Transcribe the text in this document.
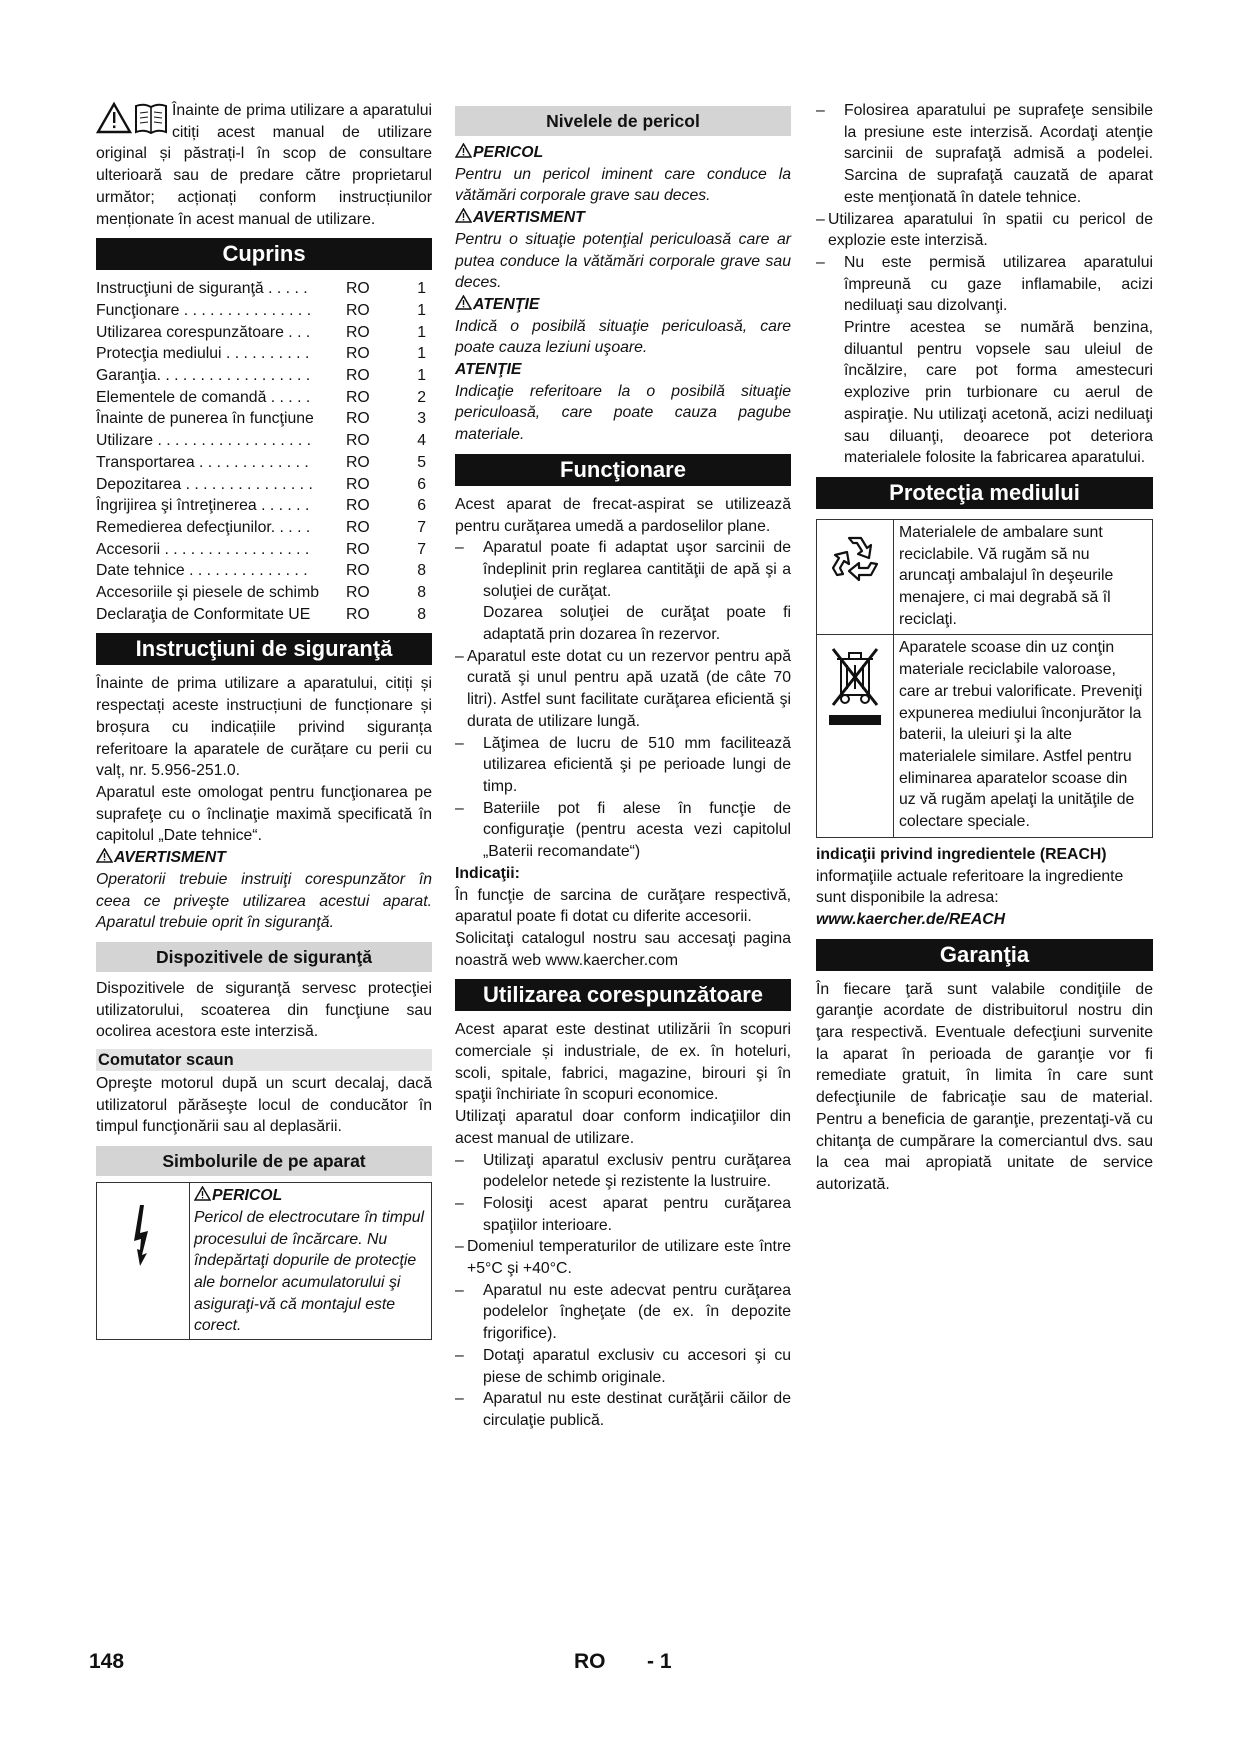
Înainte de prima utilizare a aparatului citiți acest manual de utilizare original și păstrați-l în scop de consultare ulterioară sau de predare către proprietarul următor; acționați conform instrucțiunilor menționate în acest manual de utilizare.

Cuprins
Instrucţiuni de siguranţă . . . . .	RO	1
Funcţionare . . . . . . . . . . . . . . .	RO	1
Utilizarea corespunzătoare . . .	RO	1
Protecţia mediului . . . . . . . . . .	RO	1
Garanţia. . . . . . . . . . . . . . . . . .	RO	1
Elementele de comandă . . . . .	RO	2
Înainte de punerea în funcţiune	RO	3
Utilizare . . . . . . . . . . . . . . . . . .	RO	4
Transportarea . . . . . . . . . . . . .	RO	5
Depozitarea . . . . . . . . . . . . . . .	RO	6
Îngrijirea şi întreţinerea . . . . . .	RO	6
Remedierea defecţiunilor. . . . .	RO	7
Accesorii . . . . . . . . . . . . . . . . .	RO	7
Date tehnice . . . . . . . . . . . . . .	RO	8
Accesoriile şi piesele de schimb	RO	8
Declaraţia de Conformitate UE	RO	8
Instrucţiuni de siguranţă

Înainte de prima utilizare a aparatului, citiți și respectați aceste instrucțiuni de funcționare și broșura cu indicațiile privind siguranța referitoare la aparatele de curățare cu perii cu valț, nr. 5.956-251.0.

Aparatul este omologat pentru funcţionarea pe suprafeţe cu o înclinaţie maximă specificată în capitolul „Date tehnice“.

AVERTISMENT

Operatorii trebuie instruiţi corespunzător în ceea ce priveşte utilizarea acestui aparat. Aparatul trebuie oprit în siguranţă.

Dispozitivele de siguranţă

Dispozitivele de siguranţă servesc protecţiei utilizatorului, scoaterea din funcţiune sau ocolirea acestora este interzisă.

Comutator scaun

Opreşte motorul după un scurt decalaj, dacă utilizatorul părăseşte locul de conducător în timpul funcţionării sau al deplasării.

Simbolurile de pe aparat
PERICOL

Pericol de electrocutare în timpul procesului de încărcare. Nu îndepărtaţi dopurile de protecţie ale bornelor acumulatorului şi asiguraţi-vă că montajul este corect.

Nivelele de pericol
PERICOL

Pentru un pericol iminent care conduce la vătămări corporale grave sau deces.

AVERTISMENT

Pentru o situaţie potenţial periculoasă care ar putea conduce la vătămări corporale grave sau deces.

ATENŢIE

Indică o posibilă situaţie periculoasă, care poate cauza leziuni uşoare.

ATENŢIE

Indicaţie referitoare la o posibilă situaţie periculoasă, care poate cauza pagube materiale.

Funcţionare

Acest aparat de frecat-aspirat se utilizează pentru curăţarea umedă a pardoselilor plane.

– Aparatul poate fi adaptat uşor sarcinii de îndeplinit prin reglarea cantităţii de apă şi a soluţiei de curăţat.
Dozarea soluţiei de curăţat poate fi adaptată prin dozarea în rezervor.
– Aparatul este dotat cu un rezervor pentru apă curată şi unul pentru apă uzată (de câte 70 litri). Astfel sunt facilitate curăţarea eficientă şi durata de utilizare lungă.
– Lăţimea de lucru de 510 mm facilitează utilizarea eficientă şi pe perioade lungi de timp.
– Bateriile pot fi alese în funcţie de configuraţie (pentru acesta vezi capitolul „Baterii recomandate“)
Indicaţii:

În funcţie de sarcina de curăţare respectivă, aparatul poate fi dotat cu diferite accesorii.

Solicitaţi catalogul nostru sau accesaţi pagina noastră web www.kaercher.com

Utilizarea corespunzătoare

Acest aparat este destinat utilizării în scopuri comerciale și industriale, de ex. în hoteluri, scoli, spitale, fabrici, magazine, birouri şi în spaţii închiriate în scopuri economice.

Utilizaţi aparatul doar conform indicaţiilor din acest manual de utilizare.

– Utilizaţi aparatul exclusiv pentru curăţarea podelelor netede şi rezistente la lustruire.
– Folosiţi acest aparat pentru curăţarea spaţiilor interioare.
– Domeniul temperaturilor de utilizare este între +5°C şi +40°C.
– Aparatul nu este adecvat pentru curăţarea podelelor îngheţate (de ex. în depozite frigorifice).
– Dotaţi aparatul exclusiv cu accesori şi cu piese de schimb originale.
– Aparatul nu este destinat curăţării căilor de circulaţie publică.
– Folosirea aparatului pe suprafeţe sensibile la presiune este interzisă. Acordaţi atenţie sarcinii de suprafaţă admisă a podelei. Sarcina de suprafaţă cauzată de aparat este menţionată în datele tehnice.
– Utilizarea aparatului în spatii cu pericol de explozie este interzisă.
– Nu este permisă utilizarea aparatului împreună cu gaze inflamabile, acizi nediluaţi sau dizolvanţi.
Printre acestea se numără benzina, diluantul pentru vopsele sau uleiul de încălzire, care pot forma amestecuri explozive prin turbionare cu aerul de aspiraţie. Nu utilizaţi acetonă, acizi nediluaţi sau diluanţi, deoarece pot deteriora materialele folosite la fabricarea aparatului.
Protecţia mediului

Materialele de ambalare sunt reciclabile. Vă rugăm să nu aruncaţi ambalajul în deşeurile menajere, ci mai degrabă să îl reciclaţi.

Aparatele scoase din uz conţin materiale reciclabile valoroase, care ar trebui valorificate. Preveniţi expunerea mediului înconjurător la baterii, la uleiuri şi la alte materialele similare. Astfel pentru eliminarea aparatelor scoase din uz vă rugăm apelaţi la unităţile de colectare speciale.

indicaţii privind ingredientele (REACH)

informaţiile actuale referitoare la ingrediente sunt disponibile la adresa:

www.kaercher.de/REACH
Garanţia

În fiecare ţară sunt valabile condiţiile de garanţie acordate de distribuitorul nostru din ţara respectivă. Eventuale defecţiuni survenite la aparat în perioada de garanţie vor fi remediate gratuit, în limita în care sunt defecţiunile de fabricaţie sau de material. Pentru a beneficia de garanţie, prezentaţi-vă cu chitanţa de cumpărare la comerciantul dvs. sau la cea mai apropiată unitate de service autorizată.

148	RO - 1
